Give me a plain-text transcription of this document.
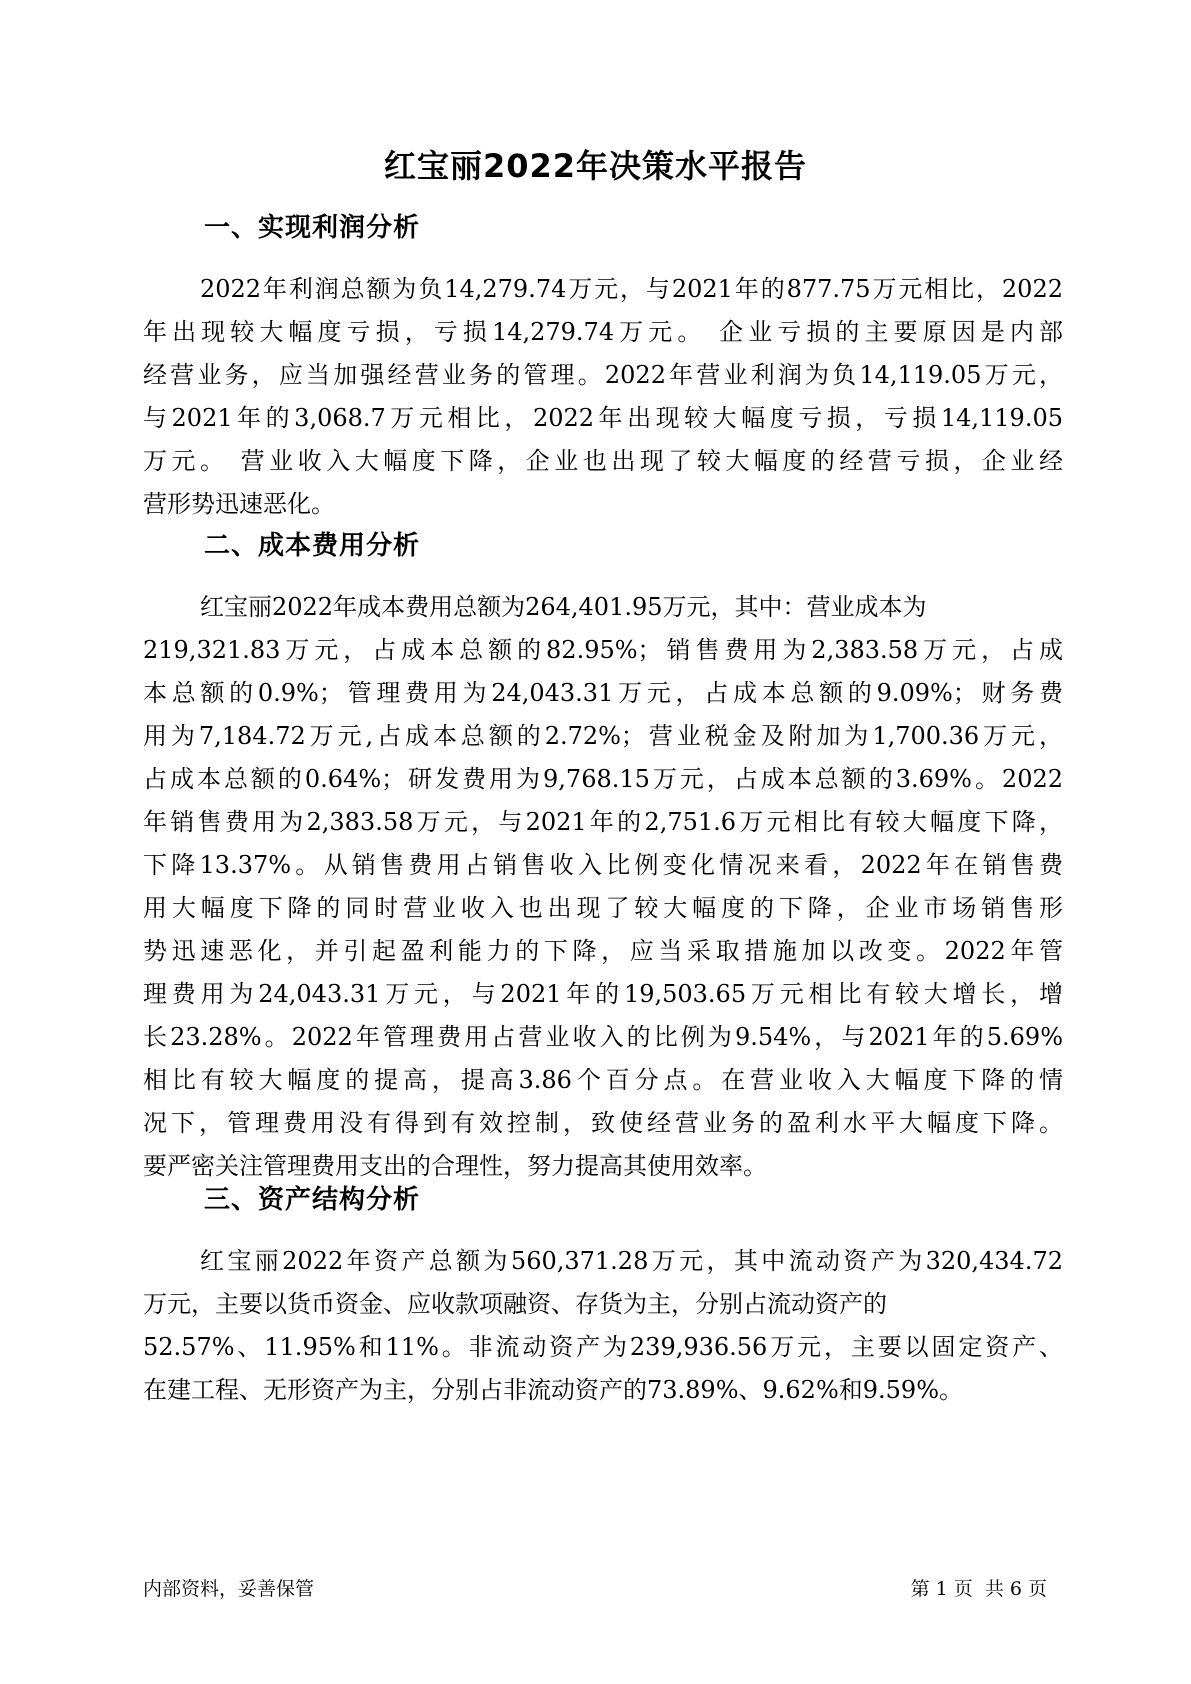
红宝丽2022年决策水平报告
一、实现利润分析
2022年利润总额为负14,279.74万元，与2021年的877.75万元相比，2022
年出现较大幅度亏损，亏损14,279.74万元。 企业亏损的主要原因是内部
经营业务，应当加强经营业务的管理。2022年营业利润为负14,119.05万元，
与2021年的3,068.7万元相比，2022年出现较大幅度亏损，亏损14,119.05
万元。 营业收入大幅度下降，企业也出现了较大幅度的经营亏损，企业经
营形势迅速恶化。
二、成本费用分析
红宝丽2022年成本费用总额为264,401.95万元，其中：营业成本为
219,321.83万元，占成本总额的82.95%；销售费用为2,383.58万元，占成
本总额的0.9%；管理费用为24,043.31万元，占成本总额的9.09%；财务费
用为7,184.72万元,占成本总额的2.72%；营业税金及附加为1,700.36万元，
占成本总额的0.64%；研发费用为9,768.15万元，占成本总额的3.69%。2022
年销售费用为2,383.58万元，与2021年的2,751.6万元相比有较大幅度下降，
下降13.37%。从销售费用占销售收入比例变化情况来看，2022年在销售费
用大幅度下降的同时营业收入也出现了较大幅度的下降，企业市场销售形
势迅速恶化，并引起盈利能力的下降，应当采取措施加以改变。2022年管
理费用为24,043.31万元，与2021年的19,503.65万元相比有较大增长，增
长23.28%。2022年管理费用占营业收入的比例为9.54%，与2021年的5.69%
相比有较大幅度的提高，提高3.86个百分点。在营业收入大幅度下降的情
况下，管理费用没有得到有效控制，致使经营业务的盈利水平大幅度下降。
要严密关注管理费用支出的合理性，努力提高其使用效率。
三、资产结构分析
红宝丽2022年资产总额为560,371.28万元，其中流动资产为320,434.72
万元，主要以货币资金、应收款项融资、存货为主，分别占流动资产的
52.57%、11.95%和11%。非流动资产为239,936.56万元，主要以固定资产、
在建工程、无形资产为主，分别占非流动资产的73.89%、9.62%和9.59%。
内部资料，妥善保管	第 1 页  共 6 页
